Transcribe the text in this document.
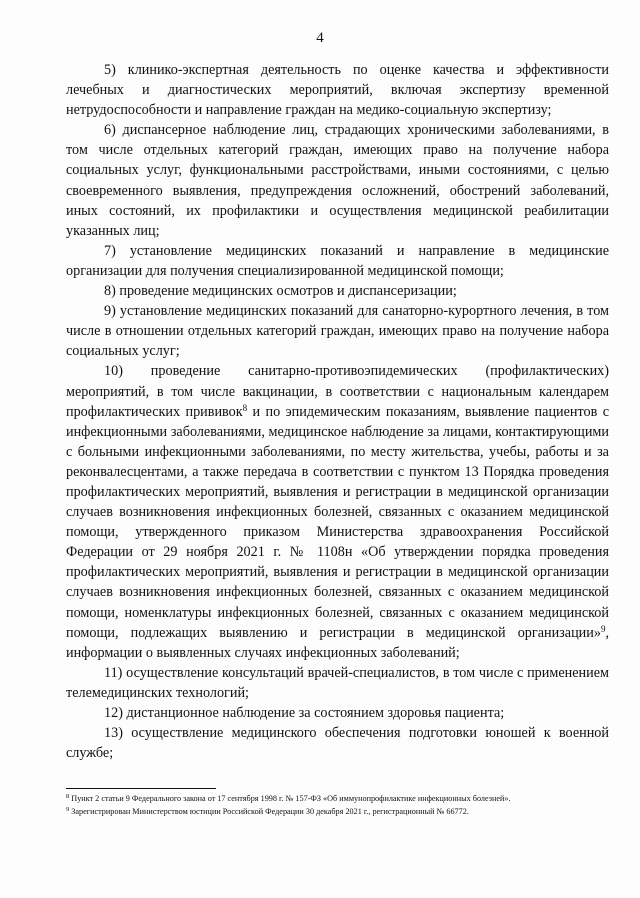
4

5) клинико-экспертная деятельность по оценке качества и эффективности лечебных и диагностических мероприятий, включая экспертизу временной нетрудоспособности и направление граждан на медико-социальную экспертизу;

6) диспансерное наблюдение лиц, страдающих хроническими заболеваниями, в том числе отдельных категорий граждан, имеющих право на получение набора социальных услуг, функциональными расстройствами, иными состояниями, с целью своевременного выявления, предупреждения осложнений, обострений заболеваний, иных состояний, их профилактики и осуществления медицинской реабилитации указанных лиц;

7) установление медицинских показаний и направление в медицинские организации для получения специализированной медицинской помощи;

8) проведение медицинских осмотров и диспансеризации;

9) установление медицинских показаний для санаторно-курортного лечения, в том числе в отношении отдельных категорий граждан, имеющих право на получение набора социальных услуг;

10) проведение санитарно-противоэпидемических (профилактических) мероприятий, в том числе вакцинации, в соответствии с национальным календарем профилактических прививок$^8$ и по эпидемическим показаниям, выявление пациентов с инфекционными заболеваниями, медицинское наблюдение за лицами, контактирующими с больными инфекционными заболеваниями, по месту жительства, учебы, работы и за реконвалесцентами, а также передача в соответствии с пунктом 13 Порядка проведения профилактических мероприятий, выявления и регистрации в медицинской организации случаев возникновения инфекционных болезней, связанных с оказанием медицинской помощи, утвержденного приказом Министерства здравоохранения Российской Федерации от 29 ноября 2021 г. № 1108н «Об утверждении порядка проведения профилактических мероприятий, выявления и регистрации в медицинской организации случаев возникновения инфекционных болезней, связанных с оказанием медицинской помощи, номенклатуры инфекционных болезней, связанных с оказанием медицинской помощи, подлежащих выявлению и регистрации в медицинской организации»$^9$, информации о выявленных случаях инфекционных заболеваний;

11) осуществление консультаций врачей-специалистов, в том числе с применением телемедицинских технологий;

12) дистанционное наблюдение за состоянием здоровья пациента;

13) осуществление медицинского обеспечения подготовки юношей к военной службе;

$^8$ Пункт 2 статьи 9 Федерального закона от 17 сентября 1998 г. № 157-ФЗ «Об иммунопрофилактике инфекционных болезней».

$^9$ Зарегистрирован Министерством юстиции Российской Федерации 30 декабря 2021 г., регистрационный № 66772.
